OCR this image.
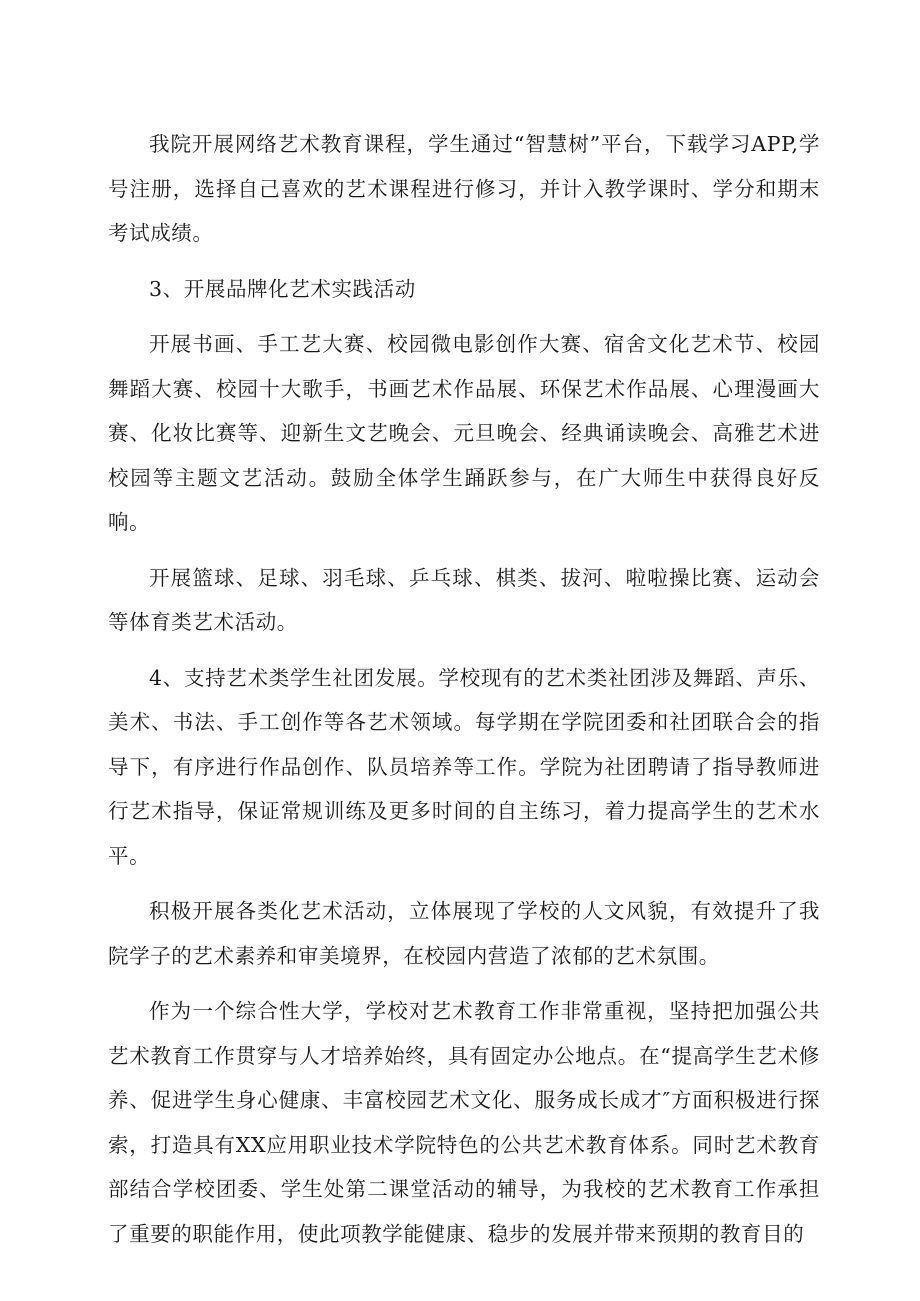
我院开展网络艺术教育课程，学生通过“智慧树”平台，下载学习APP,学号注册，选择自己喜欢的艺术课程进行修习，并计入教学课时、学分和期末考试成绩。

3、开展品牌化艺术实践活动

开展书画、手工艺大赛、校园微电影创作大赛、宿舍文化艺术节、校园舞蹈大赛、校园十大歌手，书画艺术作品展、环保艺术作品展、心理漫画大赛、化妆比赛等、迎新生文艺晚会、元旦晚会、经典诵读晚会、高雅艺术进校园等主题文艺活动。鼓励全体学生踊跃参与，在广大师生中获得良好反响。

开展篮球、足球、羽毛球、乒乓球、棋类、拔河、啦啦操比赛、运动会等体育类艺术活动。

4、支持艺术类学生社团发展。学校现有的艺术类社团涉及舞蹈、声乐、美术、书法、手工创作等各艺术领域。每学期在学院团委和社团联合会的指导下，有序进行作品创作、队员培养等工作。学院为社团聘请了指导教师进行艺术指导，保证常规训练及更多时间的自主练习，着力提高学生的艺术水平。

积极开展各类化艺术活动，立体展现了学校的人文风貌，有效提升了我院学子的艺术素养和审美境界，在校园内营造了浓郁的艺术氛围。

作为一个综合性大学，学校对艺术教育工作非常重视，坚持把加强公共艺术教育工作贯穿与人才培养始终，具有固定办公地点。在“提高学生艺术修养、促进学生身心健康、丰富校园艺术文化、服务成长成才″方面积极进行探索，打造具有XX应用职业技术学院特色的公共艺术教育体系。同时艺术教育部结合学校团委、学生处第二课堂活动的辅导，为我校的艺术教育工作承担了重要的职能作用，使此项教学能健康、稳步的发展并带来预期的教育目的
